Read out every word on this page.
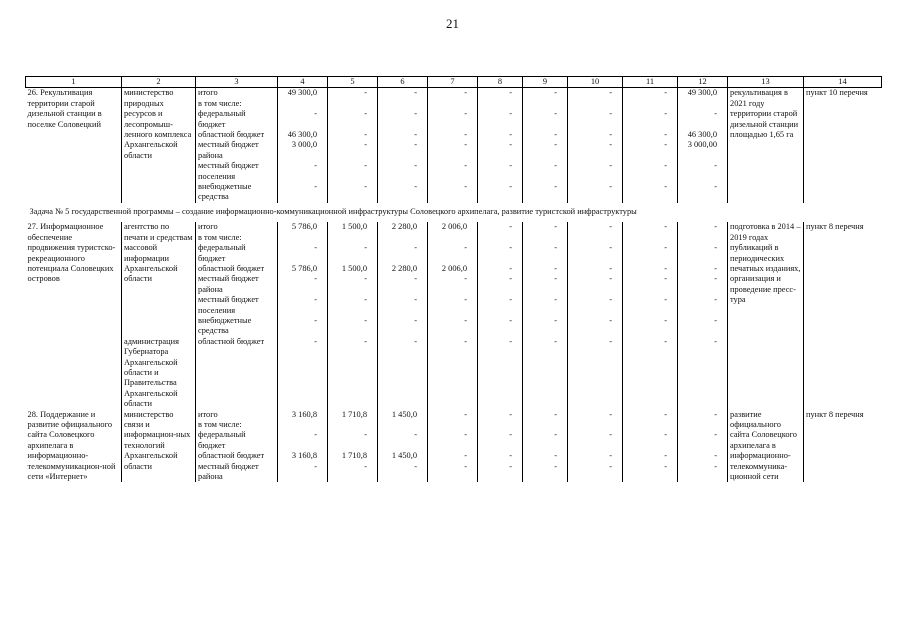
21
1	2	3	4	5	6	7	8	9	10	11	12	13	14
26. Рекультивация территории старой дизельной станции в поселке Соловецкий	министерство природных ресурсов и лесопромыш-ленного комплекса Архангельской области	итого	49 300,0	-	-	-	-	-	-	-	49 300,0	рекультивация в 2021 году территории старой дизельной станции площадью 1,65 га	пункт 10 перечня
		в том числе:											
		федеральный бюджет	-	-	-	-	-	-	-	-	-		
		областной бюджет	46 300,0	-	-	-	-	-	-	-	46 300,0		
		местный бюджет района	3 000,0	-	-	-	-	-	-	-	3 000,00		
		местный бюджет поселения	-	-	-	-	-	-	-	-	-		
		внебюджетные средства	-	-	-	-	-	-	-	-	-		
Задача № 5 государственной программы – создание информационно-коммуникационной инфраструктуры Соловецкого архипелага, развитие туристской инфраструктуры													
27. Информационное обеспечение продвижения туристско-рекреационного потенциала Соловецких островов	агентство по печати и средствам массовой информации Архангельской области	итого	5 786,0	1 500,0	2 280,0	2 006,0	-	-	-	-	-	подготовка в 2014 – 2019 годах публикаций в периодических печатных изданиях, организация и проведение пресс-тура	пункт 8 перечня
		в том числе:											
		федеральный бюджет	-	-	-	-	-	-	-	-	-		
		областной бюджет	5 786,0	1 500,0	2 280,0	2 006,0	-	-	-	-	-		
		местный бюджет района	-	-	-	-	-	-	-	-	-		
		местный бюджет поселения	-	-	-	-	-	-	-	-	-		
		внебюджетные средства	-	-	-	-	-	-	-	-	-		
	администрация Губернатора Архангельской области и Правительства Архангельской области	областной бюджет	-	-	-	-	-	-	-	-	-		
28. Поддержание и развитие официального сайта Соловецкого архипелага в информационно-телекоммуникацион-ной сети «Интернет»	министерство связи и информацион-ных технологий Архангельской области	итого	3 160,8	1 710,8	1 450,0	-	-	-	-	-	-	развитие официального сайта Соловецкого архипелага в информационно-телекоммуника-ционной сети	пункт 8 перечня
		в том числе:											
		федеральный бюджет	-	-	-	-	-	-	-	-	-		
		областной бюджет	3 160,8	1 710,8	1 450,0	-	-	-	-	-	-		
		местный бюджет района	-	-	-	-	-	-	-	-	-		
